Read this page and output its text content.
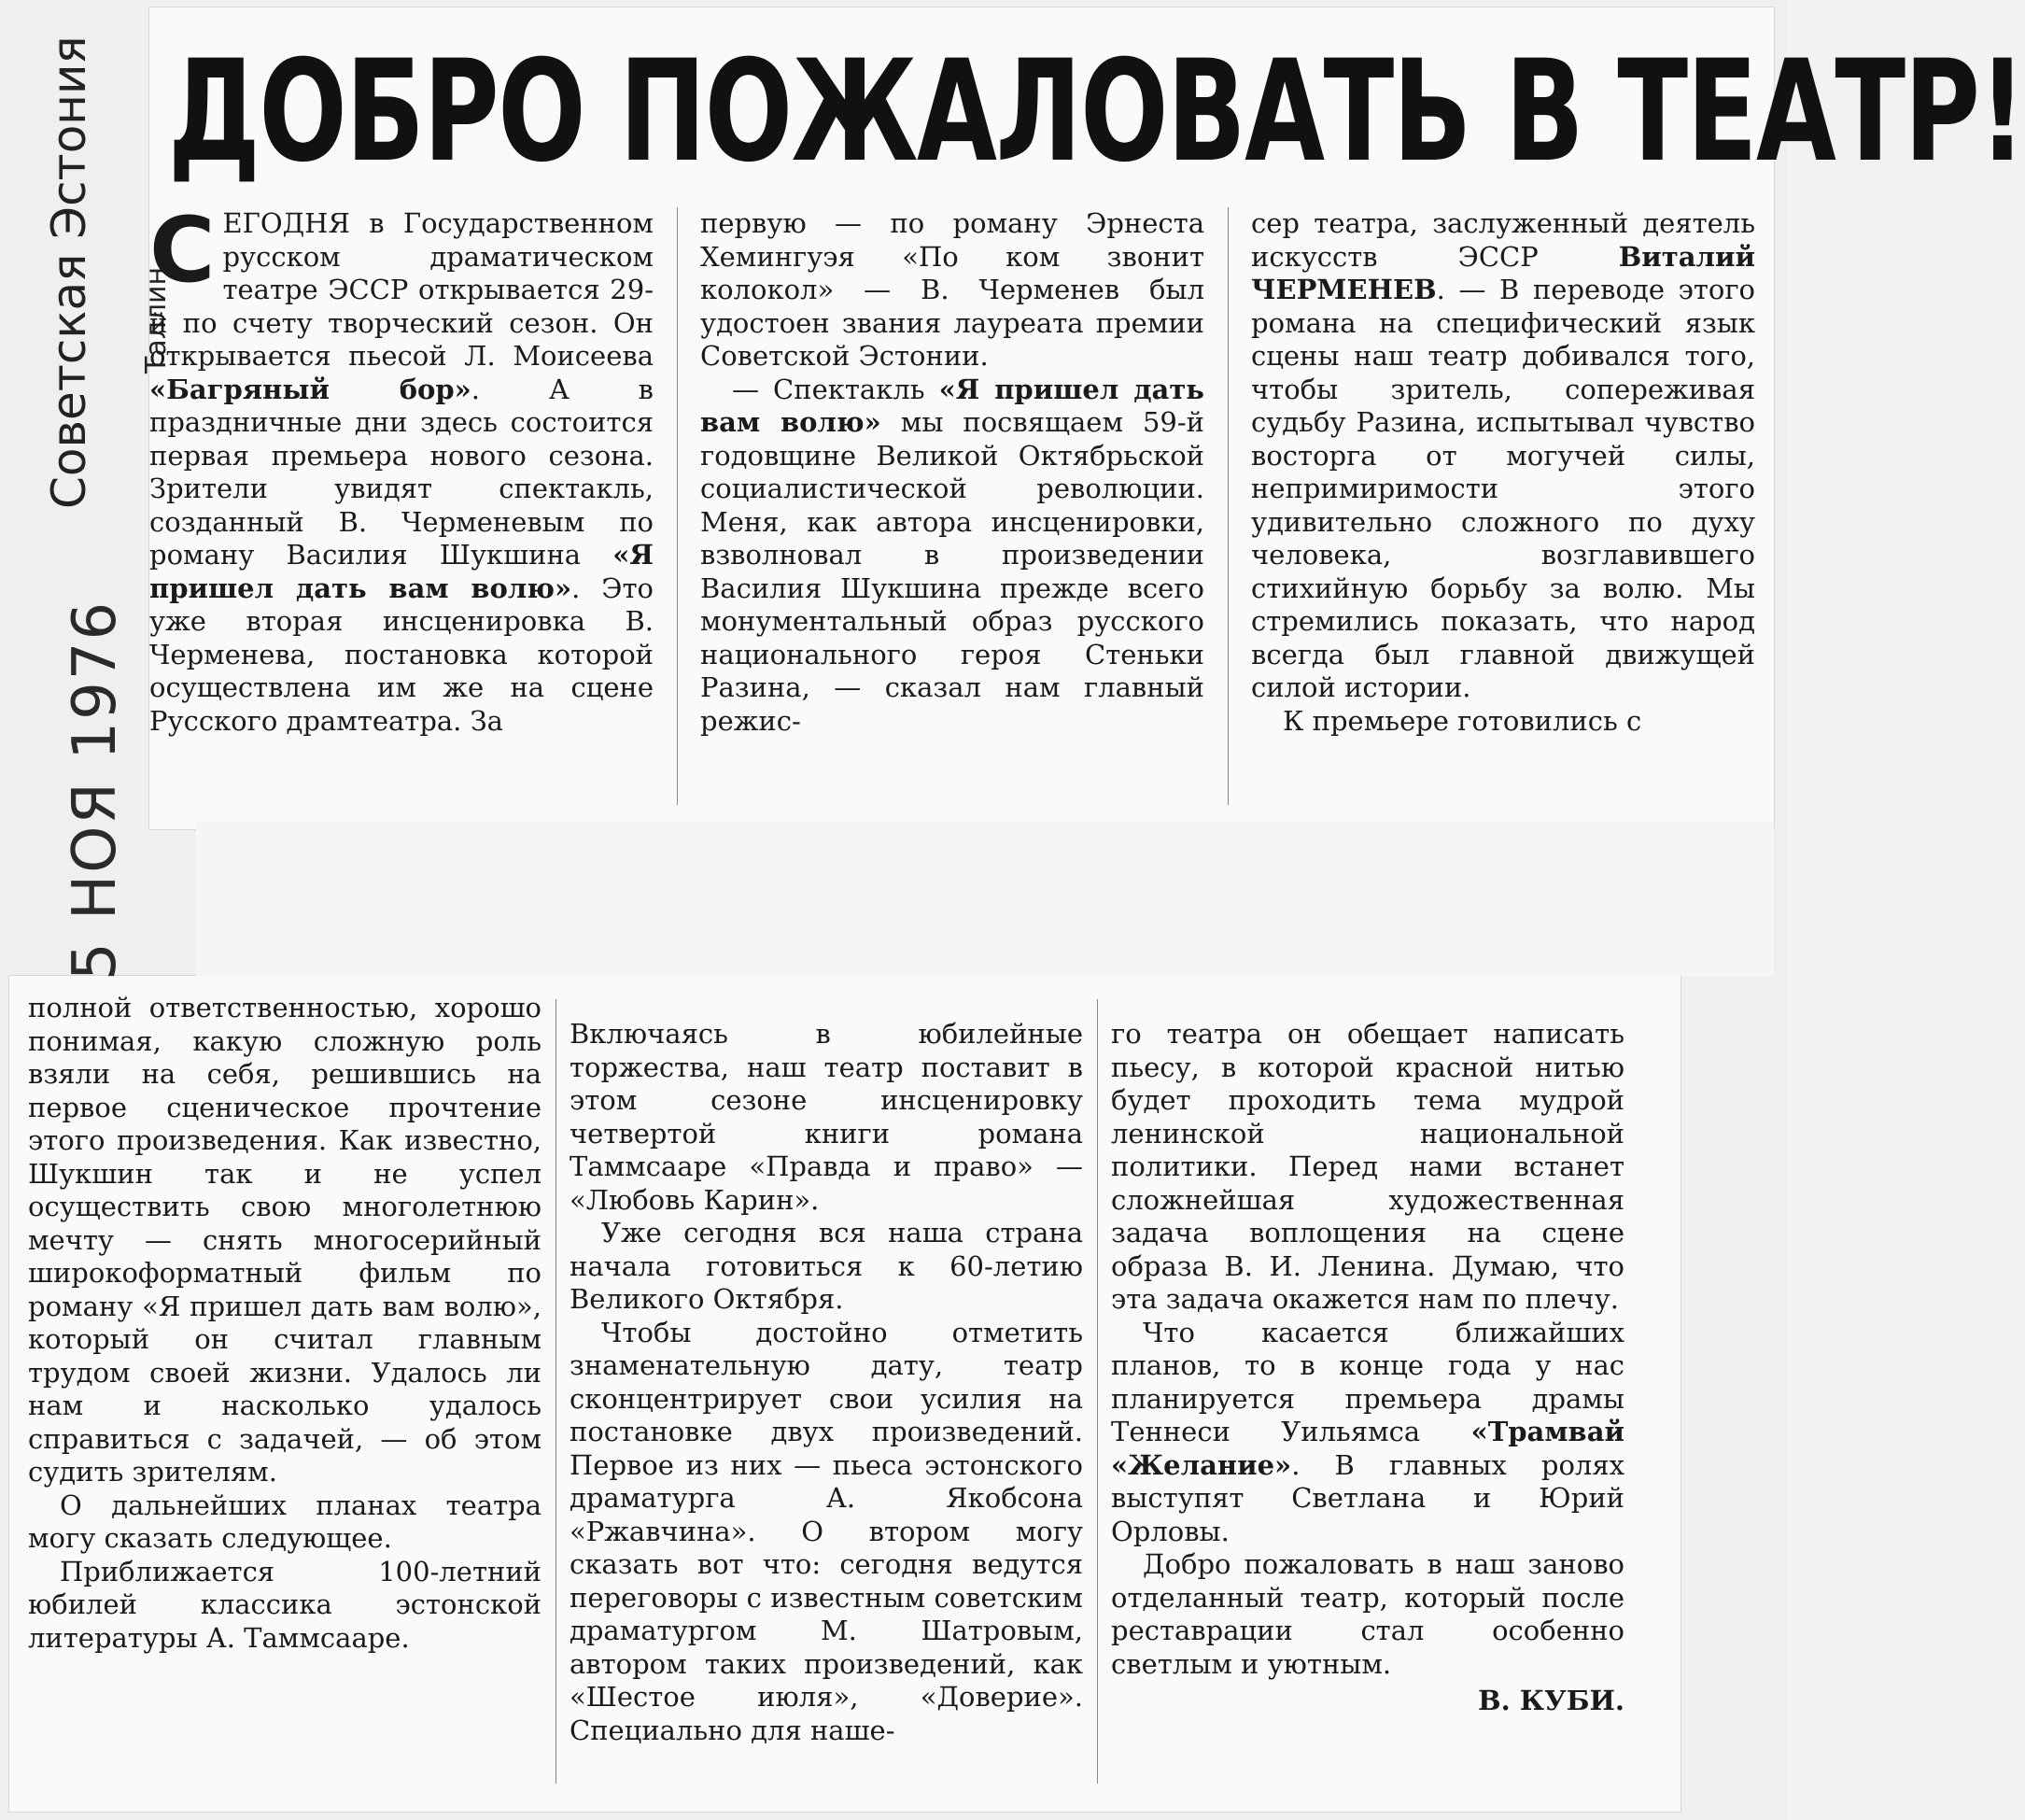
Советская Эстония	Таллин
5 НОЯ 1976
ДОБРО ПОЖАЛОВАТЬ В ТЕАТР!

СЕГОДНЯ в Государственном русском драматическом театре ЭССР открывается 29-й по счету творческий сезон. Он открывается пьесой Л. Моисеева «Багряный бор». А в праздничные дни здесь состоится первая премьера нового сезона. Зрители увидят спектакль, созданный В. Черменевым по роману Василия Шукшина «Я пришел дать вам волю». Это уже вторая инсценировка В. Черменева, постановка которой осуществлена им же на сцене Русского драмтеатра. За

первую — по роману Эрнеста Хемингуэя «По ком звонит колокол» — В. Черменев был удостоен звания лауреата премии Советской Эстонии.

— Спектакль «Я пришел дать вам волю» мы посвящаем 59-й годовщине Великой Октябрьской социалистической революции. Меня, как автора инсценировки, взволновал в произведении Василия Шукшина прежде всего монументальный образ русского национального героя Стеньки Разина, — сказал нам главный режис-

сер театра, заслуженный деятель искусств ЭССР Виталий ЧЕРМЕНЕВ. — В переводе этого романа на специфический язык сцены наш театр добивался того, чтобы зритель, сопереживая судьбу Разина, испытывал чувство восторга от могучей силы, непримиримости этого удивительно сложного по духу человека, возглавившего стихийную борьбу за волю. Мы стремились показать, что народ всегда был главной движущей силой истории.

К премьере готовились с

полной ответственностью, хорошо понимая, какую сложную роль взяли на себя, решившись на первое сценическое прочтение этого произведения. Как известно, Шукшин так и не успел осуществить свою многолетнюю мечту — снять многосерийный широкоформатный фильм по роману «Я пришел дать вам волю», который он считал главным трудом своей жизни. Удалось ли нам и насколько удалось справиться с задачей, — об этом судить зрителям.

О дальнейших планах театра могу сказать следующее.

Приближается 100-летний юбилей классика эстонской литературы А. Таммсааре.

Включаясь в юбилейные торжества, наш театр поставит в этом сезоне инсценировку четвертой книги романа Таммсааре «Правда и право» — «Любовь Карин».

Уже сегодня вся наша страна начала готовиться к 60-летию Великого Октября.

Чтобы достойно отметить знаменательную дату, театр сконцентрирует свои усилия на постановке двух произведений. Первое из них — пьеса эстонского драматурга А. Якобсона «Ржавчина». О втором могу сказать вот что: сегодня ведутся переговоры с известным советским драматургом М. Шатровым, автором таких произведений, как «Шестое июля», «Доверие». Специально для наше-

го театра он обещает написать пьесу, в которой красной нитью будет проходить тема мудрой ленинской национальной политики. Перед нами встанет сложнейшая художественная задача воплощения на сцене образа В. И. Ленина. Думаю, что эта задача окажется нам по плечу.

Что касается ближайших планов, то в конце года у нас планируется премьера драмы Теннеси Уильямса «Трамвай «Желание». В главных ролях выступят Светлана и Юрий Орловы.

Добро пожаловать в наш заново отделанный театр, который после реставрации стал особенно светлым и уютным.

В. КУБИ.
